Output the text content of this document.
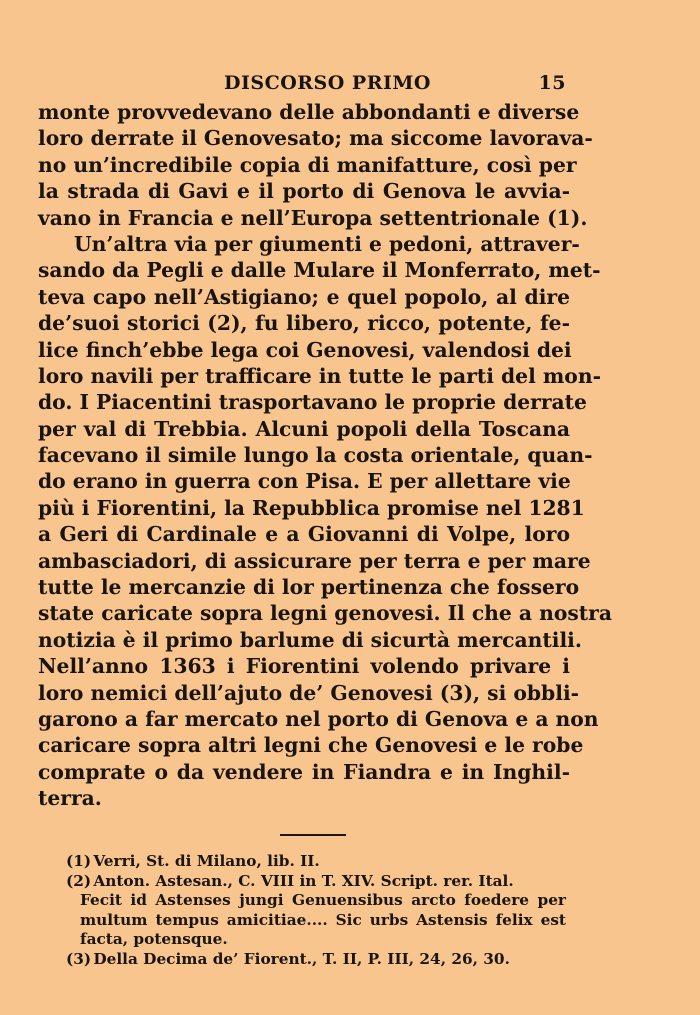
DISCORSO PRIMO	15
monte provvedevano delle abbondanti e diverse
loro derrate il Genovesato; ma siccome lavorava-
no un’incredibile copia di manifatture, così per
la strada di Gavi e il porto di Genova le avvia-
vano in Francia e nell’Europa settentrionale (1).
Un’altra via per giumenti e pedoni, attraver-
sando da Pegli e dalle Mulare il Monferrato, met-
teva capo nell’Astigiano; e quel popolo, al dire
de’suoi storici (2), fu libero, ricco, potente, fe-
lice finch’ebbe lega coi Genovesi, valendosi dei
loro navili per trafficare in tutte le parti del mon-
do. I Piacentini trasportavano le proprie derrate
per val di Trebbia. Alcuni popoli della Toscana
facevano il simile lungo la costa orientale, quan-
do erano in guerra con Pisa. E per allettare vie
più i Fiorentini, la Repubblica promise nel 1281
a Geri di Cardinale e a Giovanni di Volpe, loro
ambasciadori, di assicurare per terra e per mare
tutte le mercanzie di lor pertinenza che fossero
state caricate sopra legni genovesi. Il che a nostra
notizia è il primo barlume di sicurtà mercantili.
Nell’anno 1363 i Fiorentini volendo privare i
loro nemici dell’ajuto de’ Genovesi (3), si obbli-
garono a far mercato nel porto di Genova e a non
caricare sopra altri legni che Genovesi e le robe
comprate o da vendere in Fiandra e in Inghil-
terra.
(1) Verri, St. di Milano, lib. II.
(2) Anton. Astesan., C. VIII in T. XIV. Script. rer. Ital.
Fecit id Astenses jungi Genuensibus arcto foedere per
multum tempus amicitiae.... Sic urbs Astensis felix est
facta, potensque.
(3) Della Decima de’ Fiorent., T. II, P. III, 24, 26, 30.
